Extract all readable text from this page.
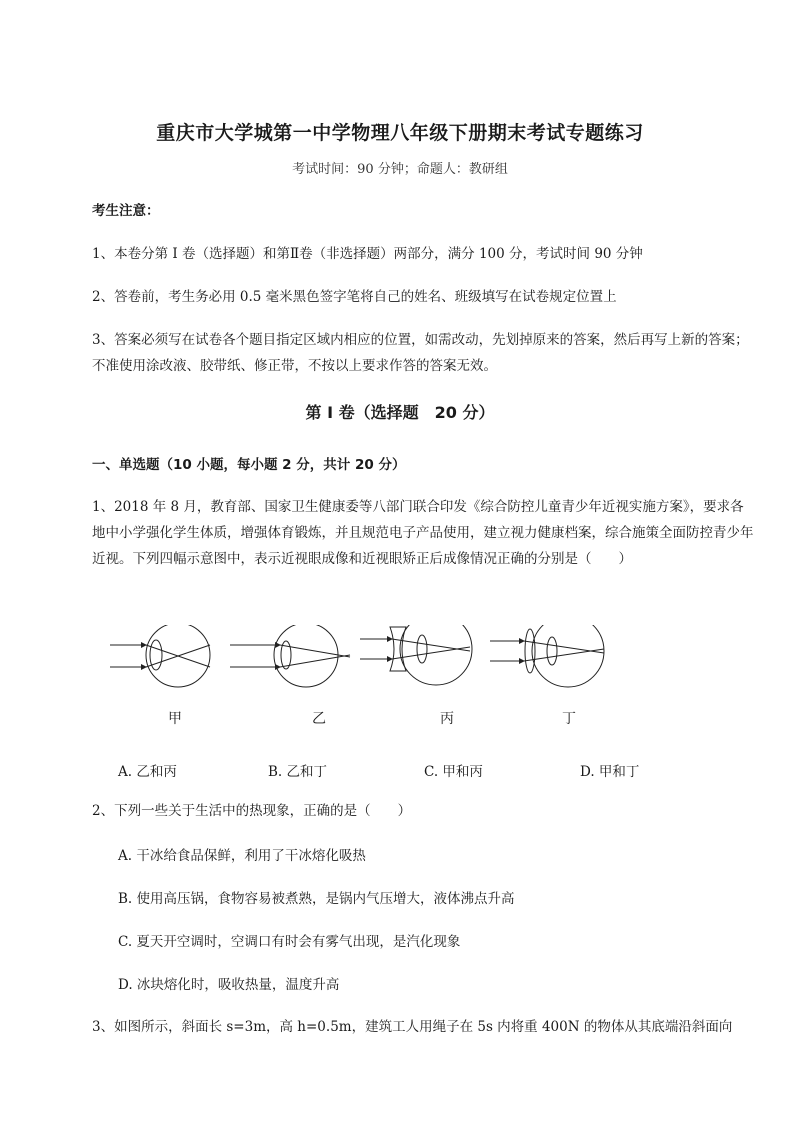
重庆市大学城第一中学物理八年级下册期末考试专题练习
考试时间：90 分钟；命题人：教研组
考生注意：
1、本卷分第 I 卷（选择题）和第Ⅱ卷（非选择题）两部分，满分 100 分，考试时间 90 分钟
2、答卷前，考生务必用 0.5 毫米黑色签字笔将自己的姓名、班级填写在试卷规定位置上
3、答案必须写在试卷各个题目指定区域内相应的位置，如需改动，先划掉原来的答案，然后再写上新的答案；不准使用涂改液、胶带纸、修正带，不按以上要求作答的答案无效。
第 I 卷（选择题　20 分）
一、单选题（10 小题，每小题 2 分，共计 20 分）
1、2018 年 8 月，教育部、国家卫生健康委等八部门联合印发《综合防控儿童青少年近视实施方案》，要求各地中小学强化学生体质，增强体育锻炼，并且规范电子产品使用，建立视力健康档案，综合施策全面防控青少年近视。下列四幅示意图中，表示近视眼成像和近视眼矫正后成像情况正确的分别是（　　）
甲	乙	丙	丁
A. 乙和丙	B. 乙和丁	C. 甲和丙	D. 甲和丁
2、下列一些关于生活中的热现象，正确的是（　　）
A. 干冰给食品保鲜，利用了干冰熔化吸热
B. 使用高压锅，食物容易被煮熟，是锅内气压增大，液体沸点升高
C. 夏天开空调时，空调口有时会有雾气出现，是汽化现象
D. 冰块熔化时，吸收热量，温度升高
3、如图所示，斜面长 s=3m，高 h=0.5m，建筑工人用绳子在 5s 内将重 400N 的物体从其底端沿斜面向
